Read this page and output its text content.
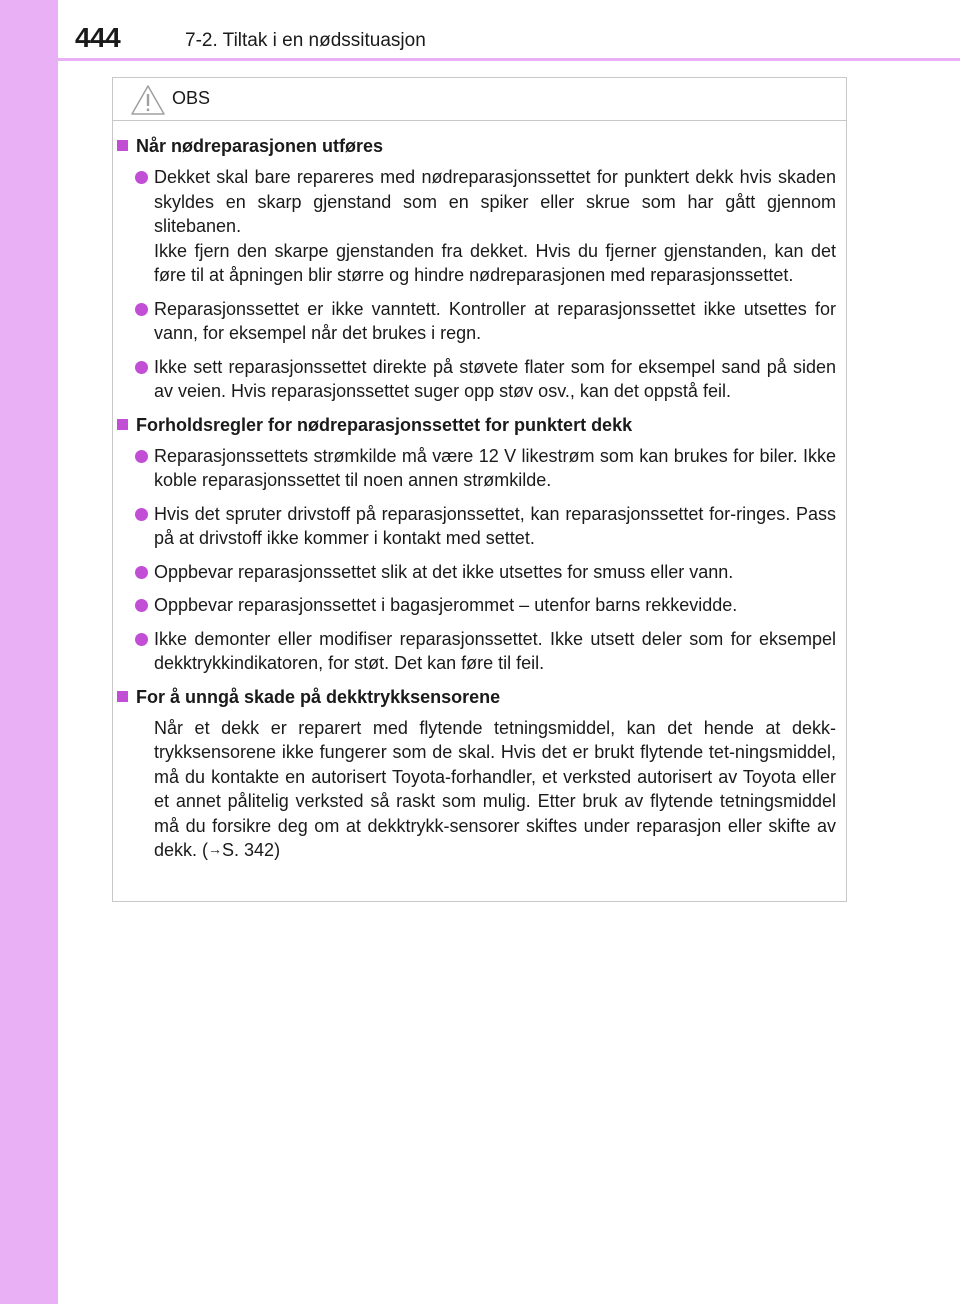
444	7-2. Tiltak i en nødssituasjon
OBS
Når nødreparasjonen utføres
Dekket skal bare repareres med nødreparasjonssettet for punktert dekk hvis skaden skyldes en skarp gjenstand som en spiker eller skrue som har gått gjennom slitebanen.
Ikke fjern den skarpe gjenstanden fra dekket. Hvis du fjerner gjenstanden, kan det føre til at åpningen blir større og hindre nødreparasjonen med reparasjonssettet.
Reparasjonssettet er ikke vanntett. Kontroller at reparasjonssettet ikke utsettes for vann, for eksempel når det brukes i regn.
Ikke sett reparasjonssettet direkte på støvete flater som for eksempel sand på siden av veien. Hvis reparasjonssettet suger opp støv osv., kan det oppstå feil.
Forholdsregler for nødreparasjonssettet for punktert dekk
Reparasjonssettets strømkilde må være 12 V likestrøm som kan brukes for biler. Ikke koble reparasjonssettet til noen annen strømkilde.
Hvis det spruter drivstoff på reparasjonssettet, kan reparasjonssettet for-ringes. Pass på at drivstoff ikke kommer i kontakt med settet.
Oppbevar reparasjonssettet slik at det ikke utsettes for smuss eller vann.
Oppbevar reparasjonssettet i bagasjerommet – utenfor barns rekkevidde.
Ikke demonter eller modifiser reparasjonssettet. Ikke utsett deler som for eksempel dekktrykkindikatoren, for støt. Det kan føre til feil.
For å unngå skade på dekktrykksensorene
Når et dekk er reparert med flytende tetningsmiddel, kan det hende at dekk-trykksensorene ikke fungerer som de skal. Hvis det er brukt flytende tet-ningsmiddel, må du kontakte en autorisert Toyota-forhandler, et verksted autorisert av Toyota eller et annet pålitelig verksted så raskt som mulig. Etter bruk av flytende tetningsmiddel må du forsikre deg om at dekktrykk-sensorer skiftes under reparasjon eller skifte av dekk. (→S. 342)
